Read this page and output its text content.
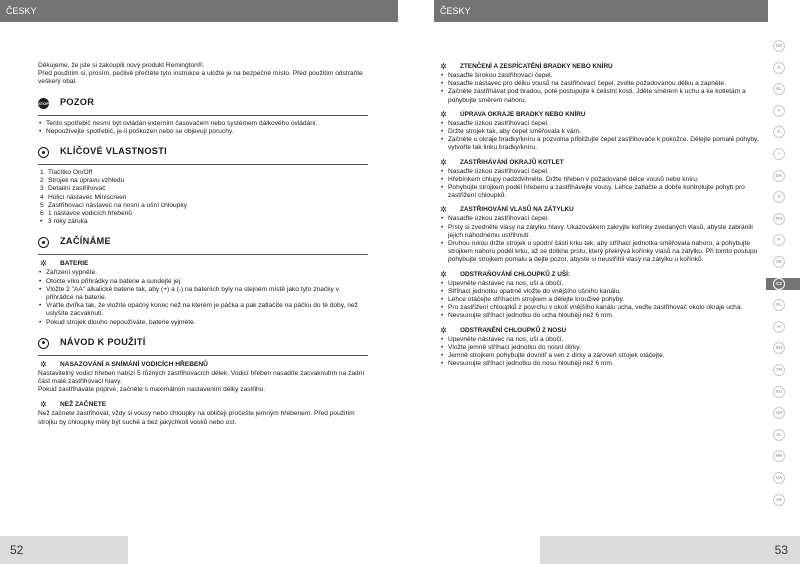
ČESKY	ČESKY

Děkujeme, že jste si zakoupili nový produkt Remington®.

Před použitím si, prosím, pečlivě přečtěte tyto instrukce a uložte je na bezpečné místo. Před použitím odstraňte veškerý obal.

STOP POZOR
• Tento spotřebič nesmí být ovládán externím časovačem nebo systémem dálkového ovládání.
• Nepoužívejte spotřebič, je-li poškozen nebo se objevují poruchy.
KLÍČOVÉ VLASTNOSTI
1 Tlačítko On/Off
2 Strojek na úpravu vzhledu
3 Detailní zastřihovač
4 Holicí nástavec Miniscreen
5 Zastřihovací nástavec na nosní a ušní chloupky
6 1 nástavce vodicích hřebenů
• 3 roky záruka
ZAČÍNÁME
✲ BATERIE
• Zařízení vypněte.
• Otočte víko přihrádky na baterie a sundejte jej.
• Vložte 2 "AA" alkalické baterie tak, aby (+) a (-) na bateriích byly na stejném místě jako tyto značky v přihrádce na baterie.
• Vraťte dvířka tak, že vložíte opačný konec než na kterém je páčka a pak zatlačíte na páčku do té doby, než uslyšíte zacvaknutí.
• Pokud strojek dlouho nepoužíváte, baterie vyjměte.
NÁVOD K POUŽITÍ
✲ NASAZOVÁNÍ A SNÍMÁNÍ VODICÍCH HŘEBENŮ

Nastavitelný vodicí hřeben nabízí 5 různých zastřihovacích délek. Vodicí hřeben nasadíte zacvaknutím na zadní část malé zastřihovací hlavy.

Pokud zastřiháváte poprvé, začněte s maximálním nastavením délky zastřihu.

✲ NEŽ ZAČNETE

Než začnete zastřihovat, vždy si vousy nebo chloupky na obličeji pročešte jemným hřebenem. Před použitím strojku by chloupky měly být suché a bez jakýchkoli vosků nebo ost.

✲ ZTENČENÍ A ZESPÍCATĚNÍ BRADKY NEBO KNÍRU
• Nasaďte širokou zastřihovací čepel.
• Nasaďte nástavec pro délku vousů na zastřihovací čepel, zvolte požadovanou délku a zapněte.
• Začněte zastřihávat pod bradou, poté postupujte k čelistní kosti. Jděte směrem k uchu a ke kotletám a pohybujte směrem nahoru.
✲ ÚPRAVA OKRAJE BRADKY NEBO KNÍRU
• Nasaďte úzkou zastřihovací čepel.
• Držte strojek tak, aby čepel směřovala k vám.
• Začněte u okraje bradky/kníru a pozvolna přibližujte čepel zastřihovače k pokožce. Dělejte pomalé pohyby, vytvořte tak linku bradky/kníru.
✲ ZASTŘIHÁVÁNÍ OKRAJŮ KOTLET
• Nasaďte úzkou zastřihovací čepel.
• Hřebínkem chlupy nadzdvihněte. Držte hřeben v požadované délce vousů nebo kníru.
• Pohybujte strojkem podél hřebenu a zastřihávejte vousy. Lehce zatlačte a dobře kontrolujte pohyb pro zastřižení chloupků.
✲ ZASTŘIHOVÁNÍ VLASŮ NA ZÁTYLKU
• Nasaďte úzkou zastřihovací čepel.
• Prsty si zvedněte vlasy na zátylku hlavy. Ukazovákem zakryjte kořínky zvedaných vlasů, abyste zabránili jejich náhodnému ustřihnutí.
• Druhou rukou držte strojek u spodní části krku tak, aby stříhací jednotka směřovala nahoru, a pohybujte strojkem nahoru podél krku, až se dotkne prstu, který překrývá kořínky vlasů na zátylku. Při tomto postupu pohybujte strojkem pomalu a dejte pozor, abyste si neustřihli vlasy na zátylku u kořínků.
✲ ODSTRAŇOVÁNÍ CHLOUPKŮ Z UŠÍ:
• Upevněte nástavec na nos, uši a obočí.
• Stříhací jednotku opatrně vložte do vnějšího ušního kanálu.
• Lehce otáčejte stříhacím strojkem a dělejte krouživé pohyby.
• Pro zastřižení chloupků z povrchu v okolí vnějšího kanálu ucha, veďte zastřihovač okolo okraje ucha.
• Nevsunujte stříhací jednotku do ucha hlouběji než 6 mm.
✲ ODSTRANĚNÍ CHLOUPKŮ Z NOSU
• Upevněte nástavec na nos, uši a obočí.
• Vložte jemně stříhací jednotku do nosní dírky.
• Jemně strojkem pohybujte dovnitř a ven z dírky a zároveň strojek otáčejte.
• Nevsunujte stříhací jednotku do nosu hlouběji než 6 mm.
GB
D
NL
F
E
I
DK
S
FIN
P
SK
CZ
PL
H
RU
TR
RO
GR
SL
HR
UA
AE
52	53
